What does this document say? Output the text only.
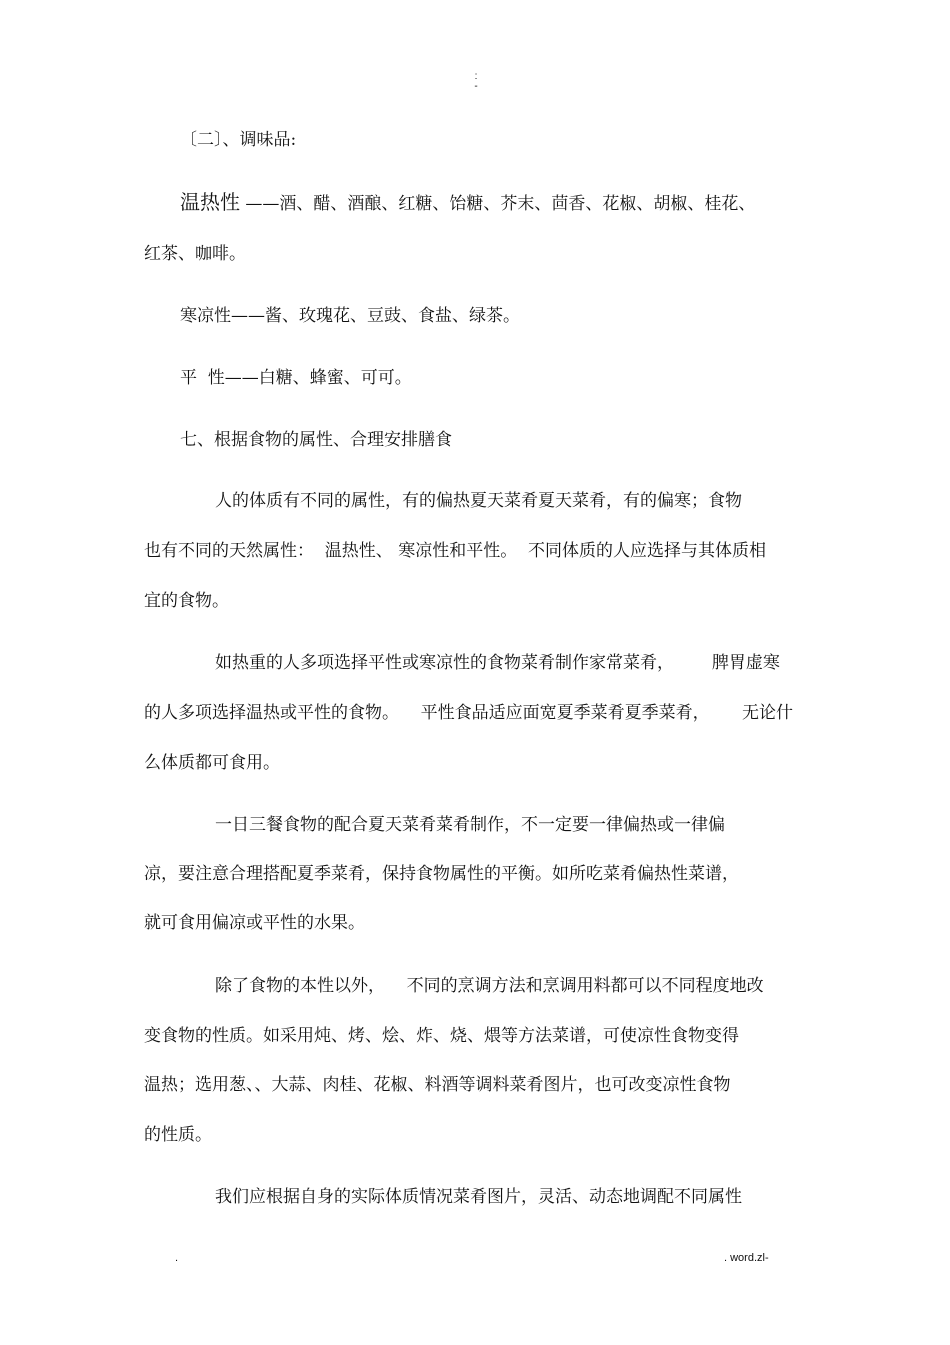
:
-

〔二〕、调味品:

温热性 ——酒、醋、酒酿、红糖、饴糖、芥末、茴香、花椒、胡椒、桂花、

红茶、咖啡。

寒凉性——酱、玫瑰花、豆豉、食盐、绿茶。

平  性——白糖、蜂蜜、可可。

七、根据食物的属性、合理安排膳食

人的体质有不同的属性，有的偏热夏天菜肴夏天菜肴，有的偏寒；食物

也有不同的天然属性：  温热性、 寒凉性和平性。  不同体质的人应选择与其体质相

宜的食物。

如热重的人多项选择平性或寒凉性的食物菜肴制作家常菜肴，       脾胃虚寒

的人多项选择温热或平性的食物。    平性食品适应面宽夏季菜肴夏季菜肴，      无论什

么体质都可食用。

一日三餐食物的配合夏天菜肴菜肴制作，不一定要一律偏热或一律偏

凉，要注意合理搭配夏季菜肴，保持食物属性的平衡。如所吃菜肴偏热性菜谱，

就可食用偏凉或平性的水果。

除了食物的本性以外，    不同的烹调方法和烹调用料都可以不同程度地改

变食物的性质。如采用炖、烤、烩、炸、烧、煨等方法菜谱，可使凉性食物变得

温热；选用葱、、大蒜、肉桂、花椒、料酒等调料菜肴图片，也可改变凉性食物

的性质。

我们应根据自身的实际体质情况菜肴图片，灵活、动态地调配不同属性

.	. word.zl-
